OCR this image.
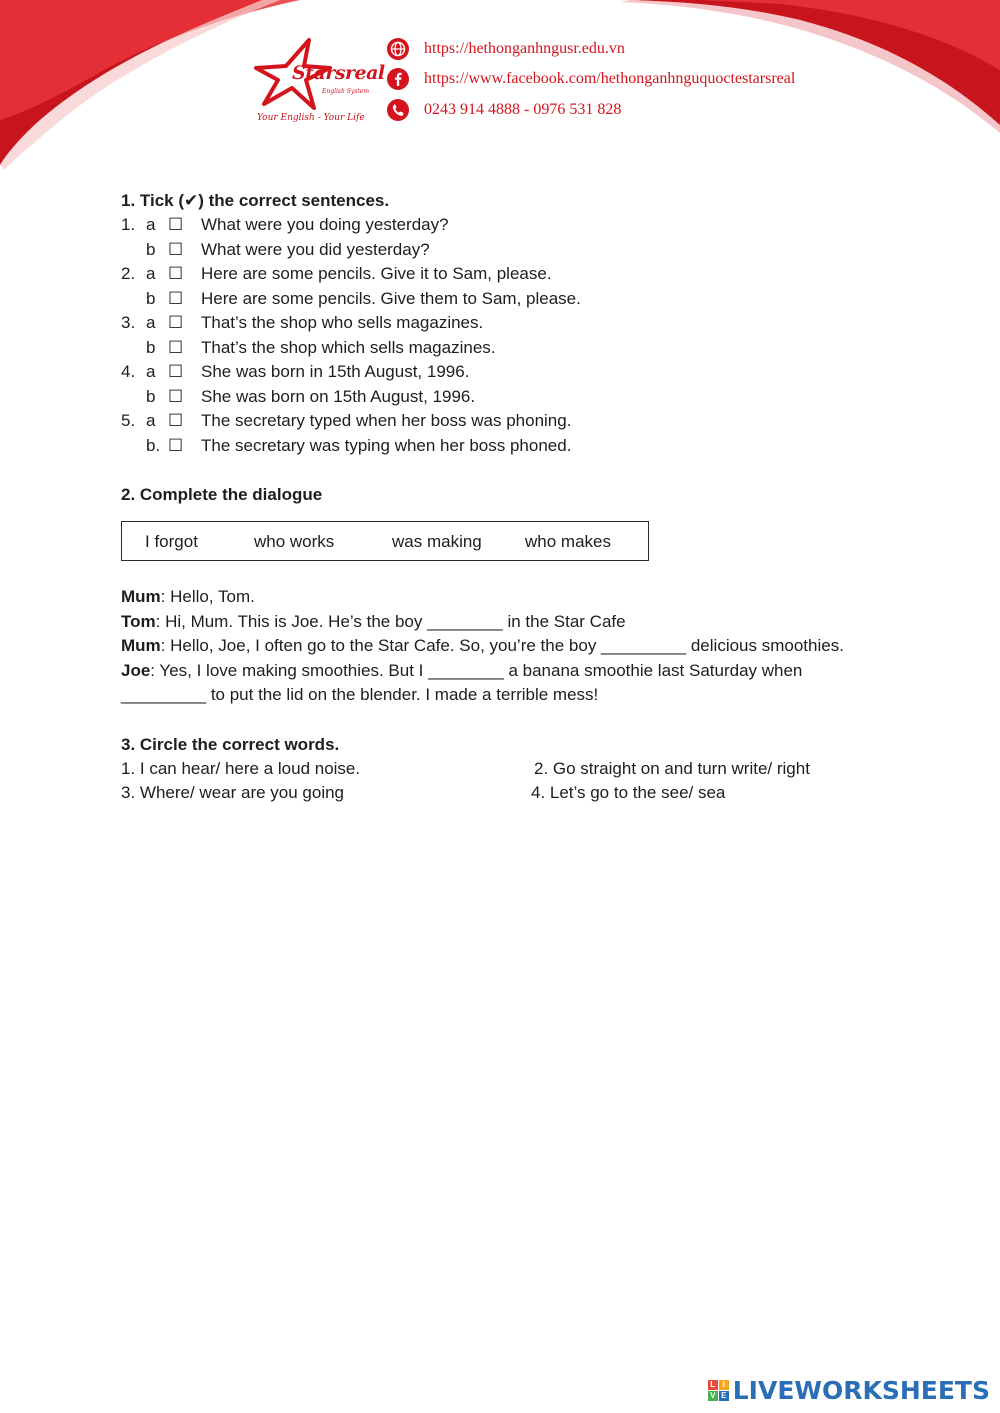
Starsreal
English System
Your English - Your Life
https://hethonganhngusr.edu.vn
https://www.facebook.com/hethonganhnguquoctestarsreal
0243 914 4888 - 0976 531 828
1. Tick (✔) the correct sentences.
1. a ☐ What were you doing yesterday?
b ☐ What were you did yesterday?
2. a ☐ Here are some pencils. Give it to Sam, please.
b ☐ Here are some pencils. Give them to Sam, please.
3. a ☐ That’s the shop who sells magazines.
b ☐ That’s the shop which sells magazines.
4. a ☐ She was born in 15th August, 1996.
b ☐ She was born on 15th August, 1996.
5. a ☐ The secretary typed when her boss was phoning.
b. ☐ The secretary was typing when her boss phoned.
2. Complete the dialogue
I forgot	who works	was making	who makes
Mum: Hello, Tom.
Tom: Hi, Mum. This is Joe. He’s the boy ________ in the Star Cafe
Mum: Hello, Joe, I often go to the Star Cafe. So, you’re the boy _________ delicious smoothies.
Joe: Yes, I love making smoothies. But I ________ a banana smoothie last Saturday when _________ to put the lid on the blender. I made a terrible mess!
3. Circle the correct words.
1. I can hear/ here a loud noise.	2. Go straight on and turn write/ right
3. Where/ wear are you going	4. Let’s go to the see/ sea
L I
V E LIVEWORKSHEETS
